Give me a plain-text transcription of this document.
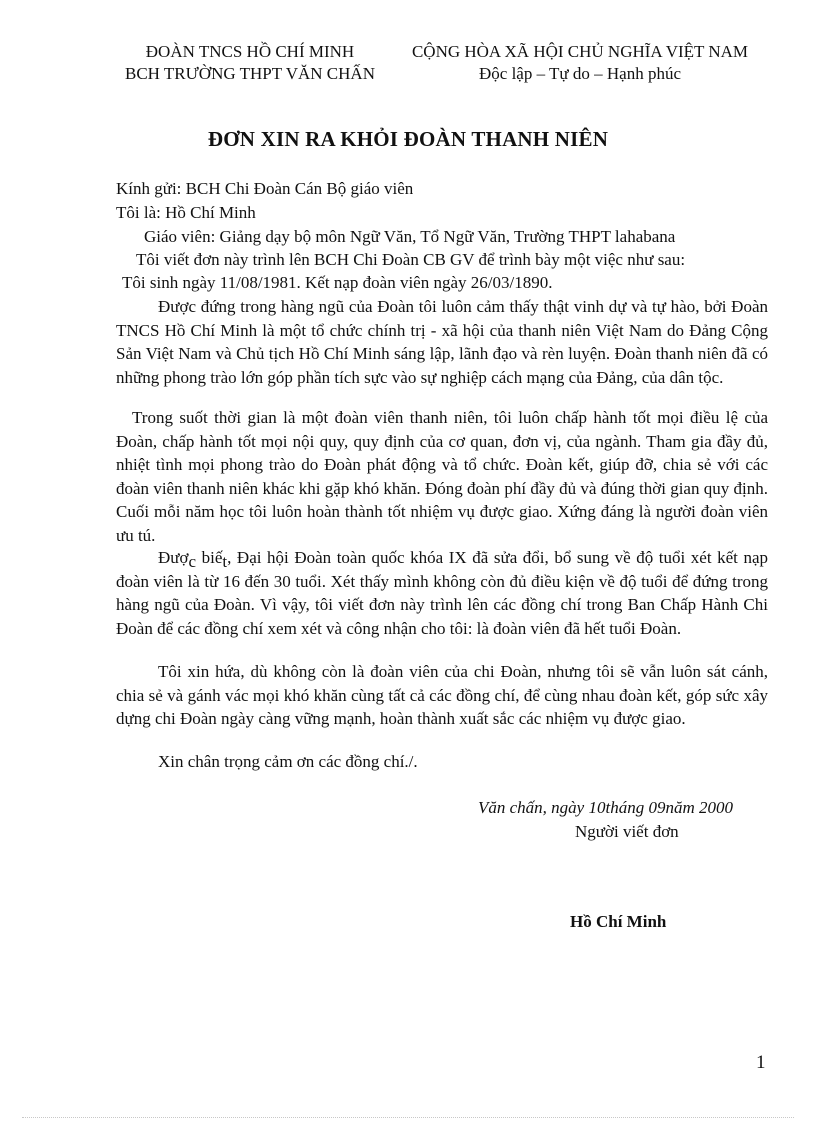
ĐOÀN TNCS HỒ CHÍ MINH
BCH TRƯỜNG THPT VĂN CHẤN
CỘNG HÒA XÃ HỘI CHỦ NGHĨA VIỆT NAM
Độc lập – Tự do – Hạnh phúc
ĐƠN XIN RA KHỎI ĐOÀN THANH NIÊN
Kính gửi: BCH Chi Đoàn Cán Bộ giáo viên
Tôi là: Hồ Chí Minh
Giáo viên: Giảng dạy bộ môn Ngữ Văn, Tổ Ngữ Văn, Trường THPT lahabana
Tôi viết đơn này trình lên BCH Chi Đoàn CB GV để trình bày một việc như sau:
Tôi sinh ngày 11/08/1981. Kết nạp đoàn viên ngày 26/03/1890.
Được đứng trong hàng ngũ của Đoàn tôi luôn cảm thấy thật vinh dự và tự hào, bởi Đoàn TNCS Hồ Chí Minh là một tổ chức chính trị - xã hội của thanh niên Việt Nam do Đảng Cộng Sản Việt Nam và Chủ tịch Hồ Chí Minh sáng lập, lãnh đạo và rèn luyện. Đoàn thanh niên đã có những phong trào lớn góp phần tích sực vào sự nghiệp cách mạng của Đảng, của dân tộc.
Trong suốt thời gian là một đoàn viên thanh niên, tôi luôn chấp hành tốt mọi điều lệ của Đoàn, chấp hành tốt mọi nội quy, quy định của cơ quan, đơn vị, của ngành. Tham gia đầy đủ, nhiệt tình mọi phong trào do Đoàn phát động và tổ chức. Đoàn kết, giúp đỡ, chia sẻ với các đoàn viên thanh niên khác khi gặp khó khăn. Đóng đoàn phí đầy đủ và đúng thời gian quy định. Cuối mỗi năm học tôi luôn hoàn thành tốt nhiệm vụ được giao. Xứng đáng là người đoàn viên ưu tú.
Được biết, Đại hội Đoàn toàn quốc khóa IX đã sửa đổi, bổ sung về độ tuổi xét kết nạp đoàn viên là từ 16 đến 30 tuổi. Xét thấy mình không còn đủ điều kiện về độ tuổi để đứng trong hàng ngũ của Đoàn. Vì vậy, tôi viết đơn này trình lên các đồng chí trong Ban Chấp Hành Chi Đoàn để các đồng chí xem xét và công nhận cho tôi: là đoàn viên đã hết tuổi Đoàn.
Tôi xin hứa, dù không còn là đoàn viên của chi Đoàn, nhưng tôi sẽ vẫn luôn sát cánh, chia sẻ và gánh vác mọi khó khăn cùng tất cả các đồng chí, để cùng nhau đoàn kết, góp sức xây dựng chi Đoàn ngày càng vững mạnh, hoàn thành xuất sắc các nhiệm vụ được giao.
Xin chân trọng cảm ơn các đồng chí./.
Văn chấn, ngày 10tháng 09năm 2000
Người viết đơn
Hồ Chí Minh
1
